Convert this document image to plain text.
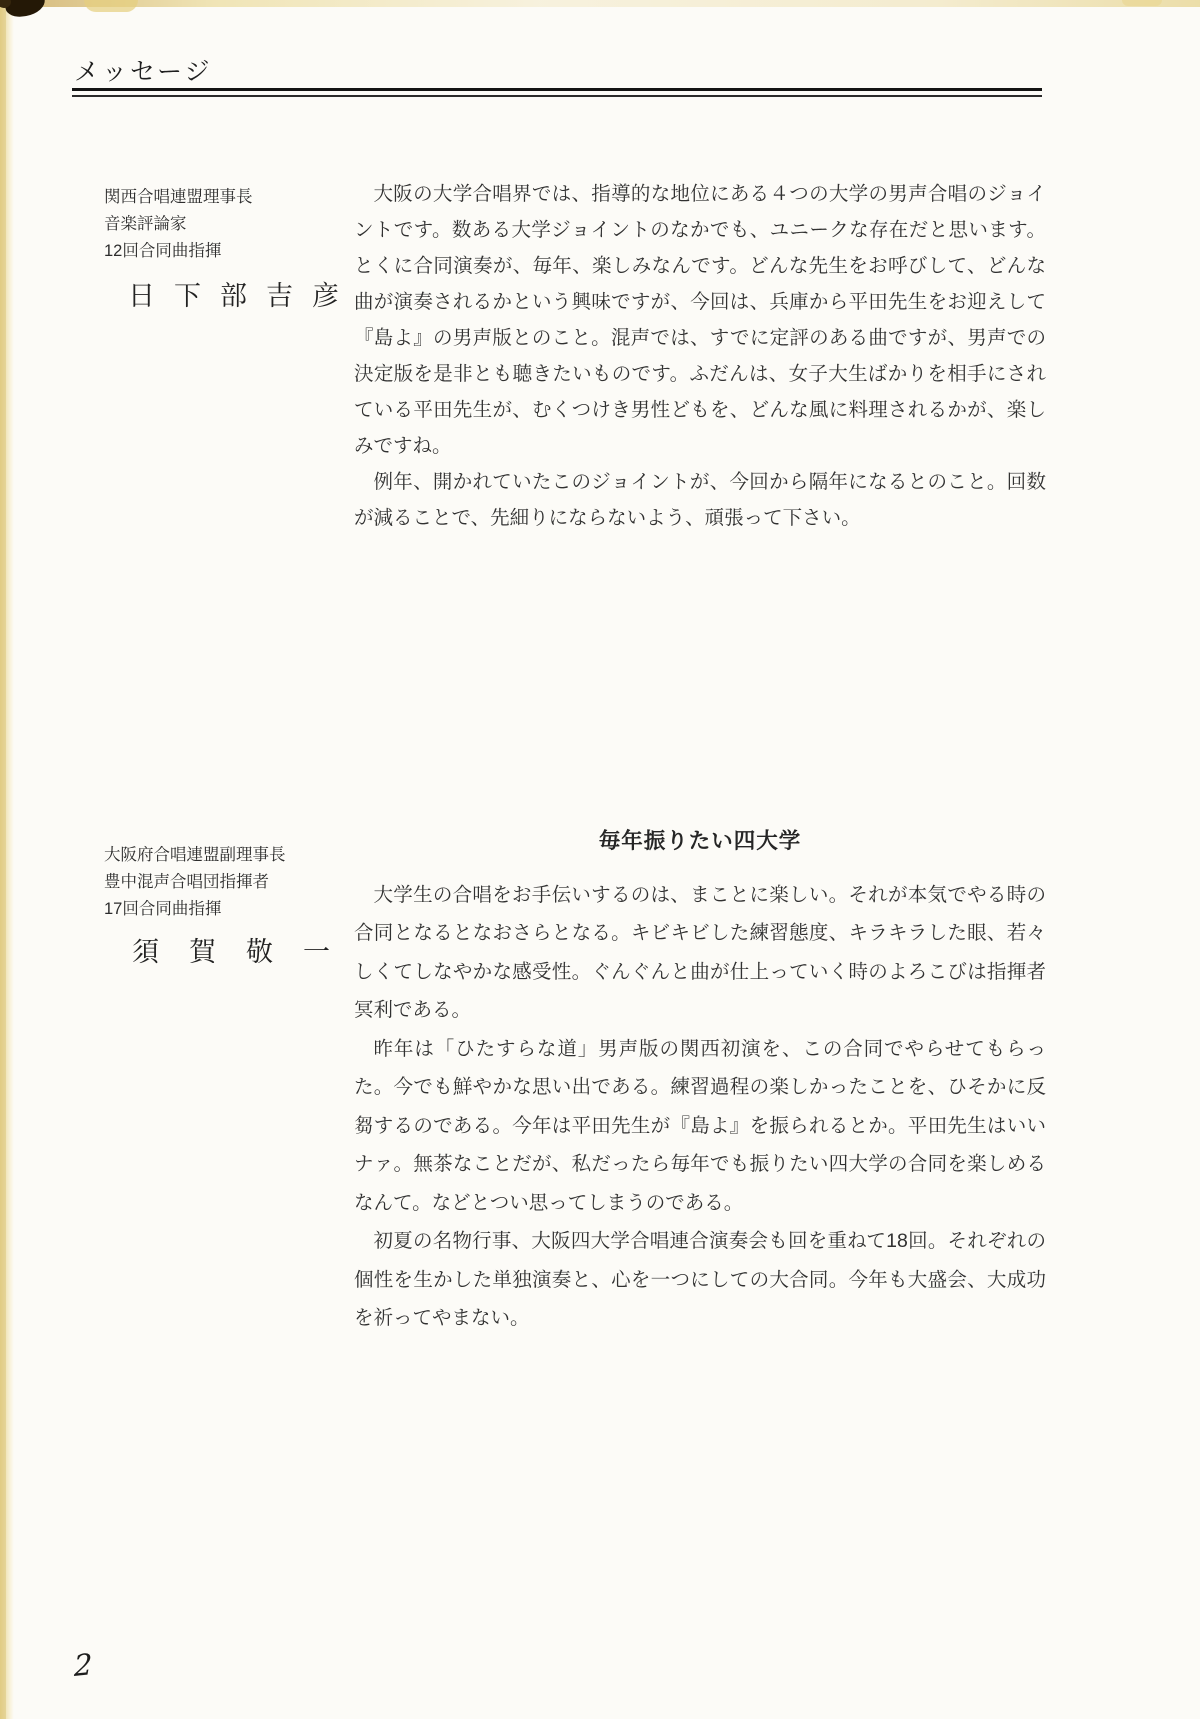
メッセージ
関西合唱連盟理事長
音楽評論家
12回合同曲指揮
日下部吉彦

大阪の大学合唱界では、指導的な地位にある４つの大学の男声合唱のジョイントです。数ある大学ジョイントのなかでも、ユニークな存在だと思います。とくに合同演奏が、毎年、楽しみなんです。どんな先生をお呼びして、どんな曲が演奏されるかという興味ですが、今回は、兵庫から平田先生をお迎えして『島よ』の男声版とのこと。混声では、すでに定評のある曲ですが、男声での決定版を是非とも聴きたいものです。ふだんは、女子大生ばかりを相手にされている平田先生が、むくつけき男性どもを、どんな風に料理されるかが、楽しみですね。

例年、開かれていたこのジョイントが、今回から隔年になるとのこと。回数が減ることで、先細りにならないよう、頑張って下さい。

大阪府合唱連盟副理事長
豊中混声合唱団指揮者
17回合同曲指揮
須賀敬一
毎年振りたい四大学

大学生の合唱をお手伝いするのは、まことに楽しい。それが本気でやる時の合同となるとなおさらとなる。キビキビした練習態度、キラキラした眼、若々しくてしなやかな感受性。ぐんぐんと曲が仕上っていく時のよろこびは指揮者冥利である。

昨年は「ひたすらな道」男声版の関西初演を、この合同でやらせてもらった。今でも鮮やかな思い出である。練習過程の楽しかったことを、ひそかに反芻するのである。今年は平田先生が『島よ』を振られるとか。平田先生はいいナァ。無茶なことだが、私だったら毎年でも振りたい四大学の合同を楽しめるなんて。などとつい思ってしまうのである。

初夏の名物行事、大阪四大学合唱連合演奏会も回を重ねて18回。それぞれの個性を生かした単独演奏と、心を一つにしての大合同。今年も大盛会、大成功を祈ってやまない。

2
